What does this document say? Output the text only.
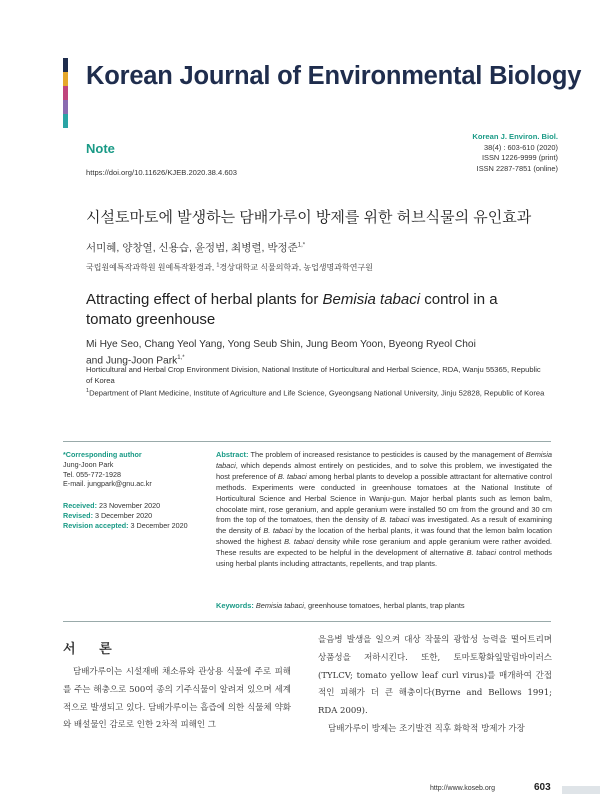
Korean Journal of Environmental Biology
Note
https://doi.org/10.11626/KJEB.2020.38.4.603
Korean J. Environ. Biol.
38(4) : 603-610 (2020)
ISSN 1226-9999 (print)
ISSN 2287-7851 (online)
시설토마토에 발생하는 담배가루이 방제를 위한 허브식물의 유인효과
서미혜, 양창열, 신용습, 윤정범, 최병렬, 박정준$^{1,*}$
국립원예특작과학원 원예특작환경과, $^1$경상대학교 식물의학과, 농업생명과학연구원
Attracting effect of herbal plants for Bemisia tabaci control in a tomato greenhouse
Mi Hye Seo, Chang Yeol Yang, Yong Seub Shin, Jung Beom Yoon, Byeong Ryeol Choi and Jung-Joon Park$^{1,*}$
Horticultural and Herbal Crop Environment Division, National Institute of Horticultural and Herbal Science, RDA, Wanju 55365, Republic of Korea
$^1$Department of Plant Medicine, Institute of Agriculture and Life Science, Gyeongsang National University, Jinju 52828, Republic of Korea
*Corresponding author
Jung-Joon Park
Tel. 055-772-1928
E-mail. jungpark@gnu.ac.kr
Received: 23 November 2020
Revised: 3 December 2020
Revision accepted: 3 December 2020
Abstract: The problem of increased resistance to pesticides is caused by the management of Bemisia tabaci, which depends almost entirely on pesticides, and to solve this problem, we investigated the host preference of B. tabaci among herbal plants to develop a possible attractant for alternative control methods. Experiments were conducted in greenhouse tomatoes at the National Institute of Horticultural Science and Herbal Science in Wanju-gun. Major herbal plants such as lemon balm, chocolate mint, rose geranium, and apple geranium were installed 50 cm from the ground and 30 cm from the top of the tomatoes, then the density of B. tabaci was investigated. As a result of examining the density of B. tabaci by the location of the herbal plants, it was found that the lemon balm location showed the highest B. tabaci density while rose geranium and apple geranium were rather avoided. These results are expected to be helpful in the development of alternative B. tabaci control methods using herbal plants including attractants, repellents, and trap plants.
Keywords: Bemisia tabaci, greenhouse tomatoes, herbal plants, trap plants
서 론

담배가루이는 시설재배 채소류와 관상용 식물에 주로 피해를 주는 해충으로 500여 종의 기주식물이 알려져 있으며 세계적으로 발생되고 있다. 담배가루이는 흡즙에 의한 식물체 약화와 배설물인 감로로 인한 2차적 피해인 그

을음병 발생을 일으켜 대상 작물의 광합성 능력을 떨어트리며 상품성을 저하시킨다. 또한, 토마토황화잎말림바이러스(TYLCV; tomato yellow leaf curl virus)를 매개하여 간접적인 피해가 더 큰 해충이다(Byrne and Bellows 1991; RDA 2009).

담배가루이 방제는 조기발견 직후 화학적 방제가 가장

http://www.koseb.org	603
